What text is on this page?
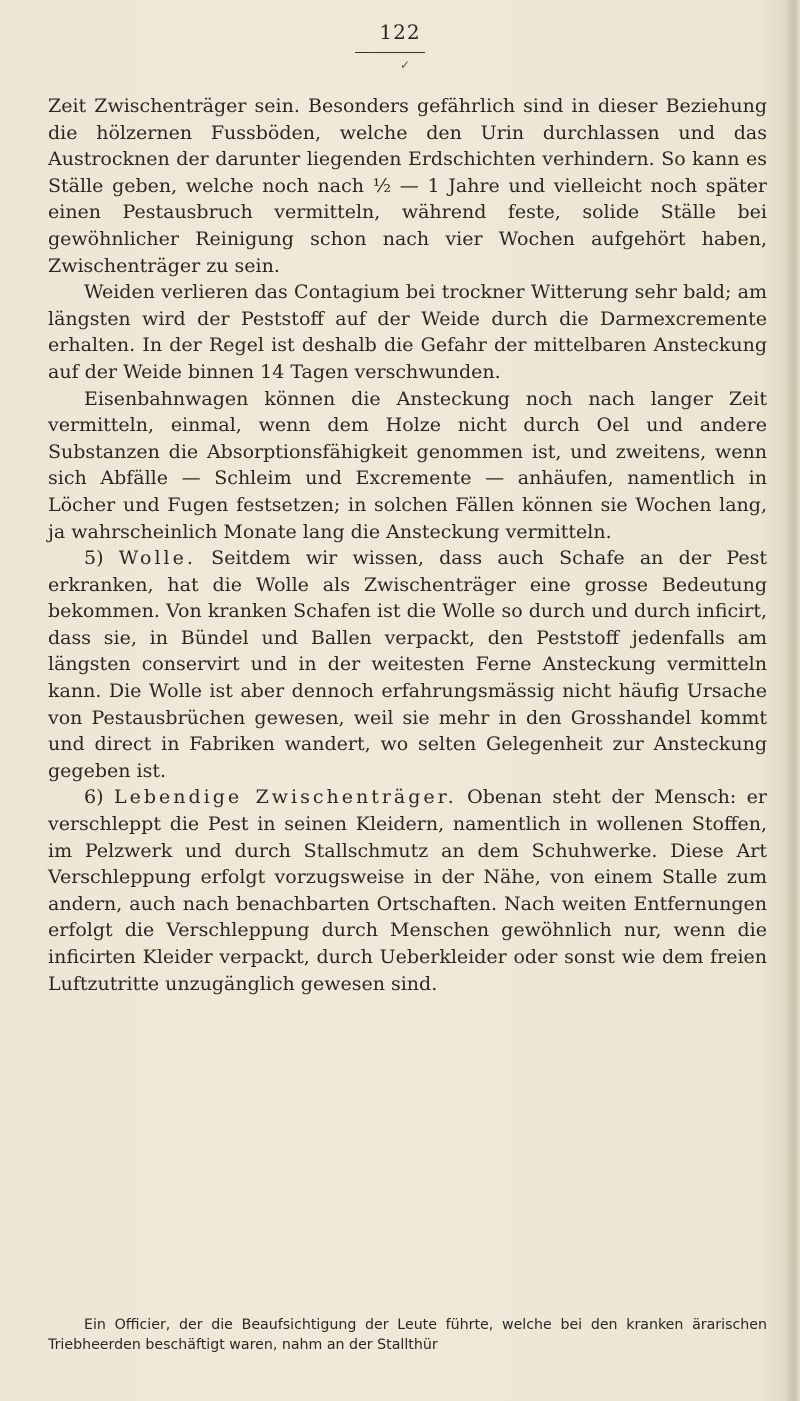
122
✓

Zeit Zwischenträger sein. Besonders gefährlich sind in dieser Beziehung die hölzernen Fussböden, welche den Urin durchlassen und das Austrocknen der darunter liegenden Erdschichten verhindern. So kann es Ställe geben, welche noch nach ½ — 1 Jahre und vielleicht noch später einen Pestausbruch vermitteln, während feste, solide Ställe bei gewöhnlicher Reinigung schon nach vier Wochen aufgehört haben, Zwischenträger zu sein.

Weiden verlieren das Contagium bei trockner Witterung sehr bald; am längsten wird der Peststoff auf der Weide durch die Darmexcremente erhalten. In der Regel ist deshalb die Gefahr der mittelbaren Ansteckung auf der Weide binnen 14 Tagen verschwunden.

Eisenbahnwagen können die Ansteckung noch nach langer Zeit vermitteln, einmal, wenn dem Holze nicht durch Oel und andere Substanzen die Absorptionsfähigkeit genommen ist, und zweitens, wenn sich Abfälle — Schleim und Excremente — anhäufen, namentlich in Löcher und Fugen festsetzen; in solchen Fällen können sie Wochen lang, ja wahrscheinlich Monate lang die Ansteckung vermitteln.

5) Wolle. Seitdem wir wissen, dass auch Schafe an der Pest erkranken, hat die Wolle als Zwischenträger eine grosse Bedeutung bekommen. Von kranken Schafen ist die Wolle so durch und durch inficirt, dass sie, in Bündel und Ballen verpackt, den Peststoff jedenfalls am längsten conservirt und in der weitesten Ferne Ansteckung vermitteln kann. Die Wolle ist aber dennoch erfahrungsmässig nicht häufig Ursache von Pestausbrüchen gewesen, weil sie mehr in den Grosshandel kommt und direct in Fabriken wandert, wo selten Gelegenheit zur Ansteckung gegeben ist.

6) Lebendige Zwischenträger. Obenan steht der Mensch: er verschleppt die Pest in seinen Kleidern, namentlich in wollenen Stoffen, im Pelzwerk und durch Stallschmutz an dem Schuhwerke. Diese Art Verschleppung erfolgt vorzugsweise in der Nähe, von einem Stalle zum andern, auch nach benachbarten Ortschaften. Nach weiten Entfernungen erfolgt die Verschleppung durch Menschen gewöhnlich nur, wenn die inficirten Kleider verpackt, durch Ueberkleider oder sonst wie dem freien Luftzutritte unzugänglich gewesen sind.

Ein Officier, der die Beaufsichtigung der Leute führte, welche bei den kranken ärarischen Triebheerden beschäftigt waren, nahm an der Stallthür
